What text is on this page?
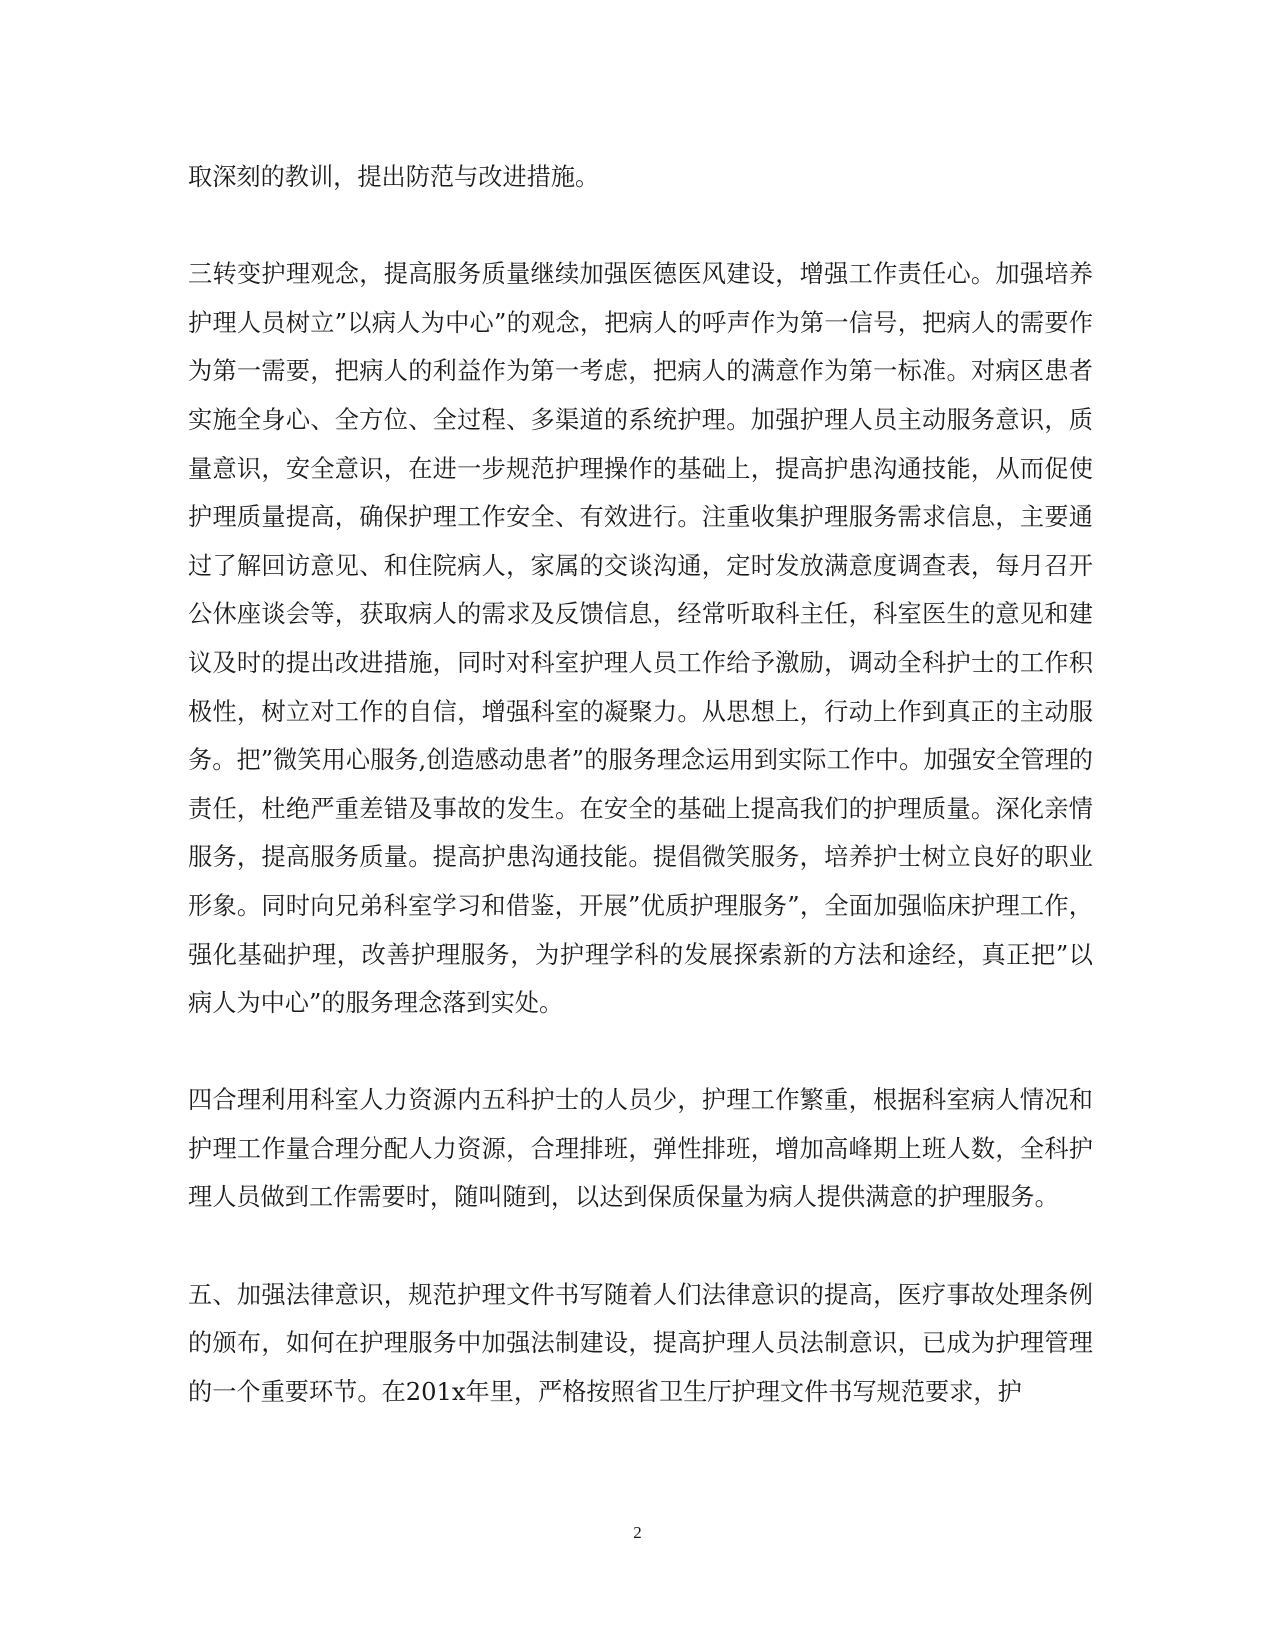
取深刻的教训，提出防范与改进措施。

三转变护理观念，提高服务质量继续加强医德医风建设，增强工作责任心。加强培养护理人员树立”以病人为中心”的观念，把病人的呼声作为第一信号，把病人的需要作为第一需要，把病人的利益作为第一考虑，把病人的满意作为第一标准。对病区患者实施全身心、全方位、全过程、多渠道的系统护理。加强护理人员主动服务意识，质量意识，安全意识，在进一步规范护理操作的基础上，提高护患沟通技能，从而促使护理质量提高，确保护理工作安全、有效进行。注重收集护理服务需求信息，主要通过了解回访意见、和住院病人，家属的交谈沟通，定时发放满意度调查表，每月召开公休座谈会等，获取病人的需求及反馈信息，经常听取科主任，科室医生的意见和建议及时的提出改进措施，同时对科室护理人员工作给予激励，调动全科护士的工作积极性，树立对工作的自信，增强科室的凝聚力。从思想上，行动上作到真正的主动服务。把”微笑用心服务,创造感动患者”的服务理念运用到实际工作中。加强安全管理的责任，杜绝严重差错及事故的发生。在安全的基础上提高我们的护理质量。深化亲情服务，提高服务质量。提高护患沟通技能。提倡微笑服务，培养护士树立良好的职业形象。同时向兄弟科室学习和借鉴，开展”优质护理服务”，全面加强临床护理工作，强化基础护理，改善护理服务，为护理学科的发展探索新的方法和途经，真正把”以病人为中心”的服务理念落到实处。

四合理利用科室人力资源内五科护士的人员少，护理工作繁重，根据科室病人情况和护理工作量合理分配人力资源，合理排班，弹性排班，增加高峰期上班人数，全科护理人员做到工作需要时，随叫随到，以达到保质保量为病人提供满意的护理服务。

五、加强法律意识，规范护理文件书写随着人们法律意识的提高，医疗事故处理条例的颁布，如何在护理服务中加强法制建设，提高护理人员法制意识，已成为护理管理的一个重要环节。在201x年里，严格按照省卫生厅护理文件书写规范要求，护

2
